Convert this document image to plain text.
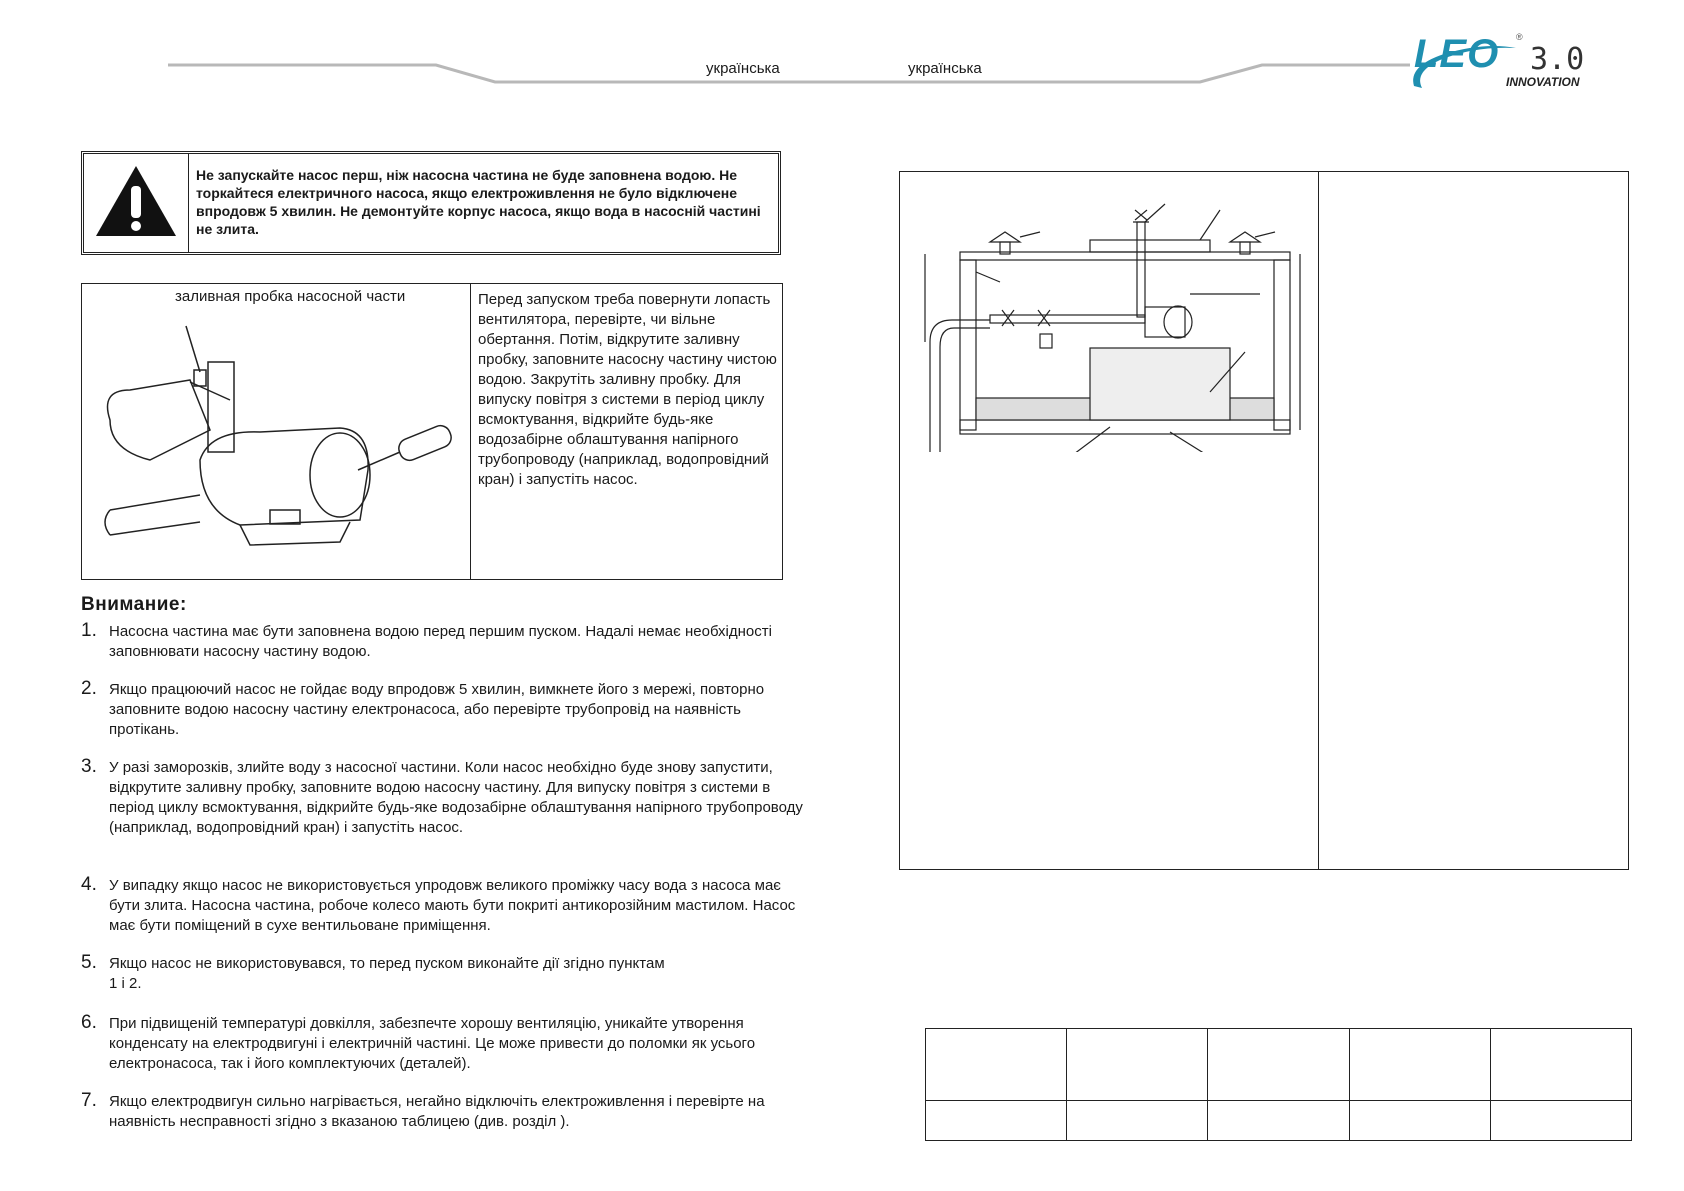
українська	українська	LEO ®
3.0
INNOVATION
Не запускайте насос перш, ніж насосна частина не буде заповнена водою. Не торкайтеся електричного насоса, якщо електроживлення не було відключене впродовж 5 хвилин. Не демонтуйте корпус насоса, якщо вода в насосній частині не злита.
заливная пробка насосной части	Перед запуском треба повернути лопасть вентилятора, перевірте, чи вільне обертання. Потім, відкрутите заливну пробку, заповните насосну частину чистою водою. Закрутіть заливну пробку. Для випуску повітря з системи в період циклу всмоктування, відкрийте будь-яке водозабірне облаштування напірного трубопроводу (наприклад, водопровідний кран) і запустіть насос.
Внимание:
1. Насосна частина має бути заповнена водою перед першим пуском. Надалі немає необхідності заповнювати насосну частину водою.
2. Якщо працюючий насос не гойдає воду впродовж 5 хвилин, вимкнете його з мережі, повторно заповните водою насосну частину електронасоса, або перевірте трубопровід на наявність протікань.
3. У разі заморозків, злийте воду з насосної частини. Коли насос необхідно буде знову запустити, відкрутите заливну пробку, заповните водою насосну частину. Для випуску повітря з системи в період циклу всмоктування, відкрийте будь-яке водозабірне облаштування напірного трубопроводу (наприклад, водопровідний кран) і запустіть насос.
4. У випадку якщо насос не використовується упродовж великого проміжку часу вода з насоса має бути злита. Насосна частина, робоче колесо мають бути покриті антикорозійним мастилом. Насос має бути поміщений в сухе вентильоване приміщення.
5. Якщо насос не використовувався, то перед пуском виконайте дії згідно пунктам 1 і 2.
6. При підвищеній температурі довкілля, забезпечте хорошу вентиляцію, уникайте утворення конденсату на електродвигуні і електричній частині. Це може привести до поломки як усього електронасоса, так і його комплектуючих (деталей).
7. Якщо електродвигун сильно нагрівається, негайно відключіть електроживлення і перевірте на наявність несправності згідно з вказаною таблицею (див. розділ ).
